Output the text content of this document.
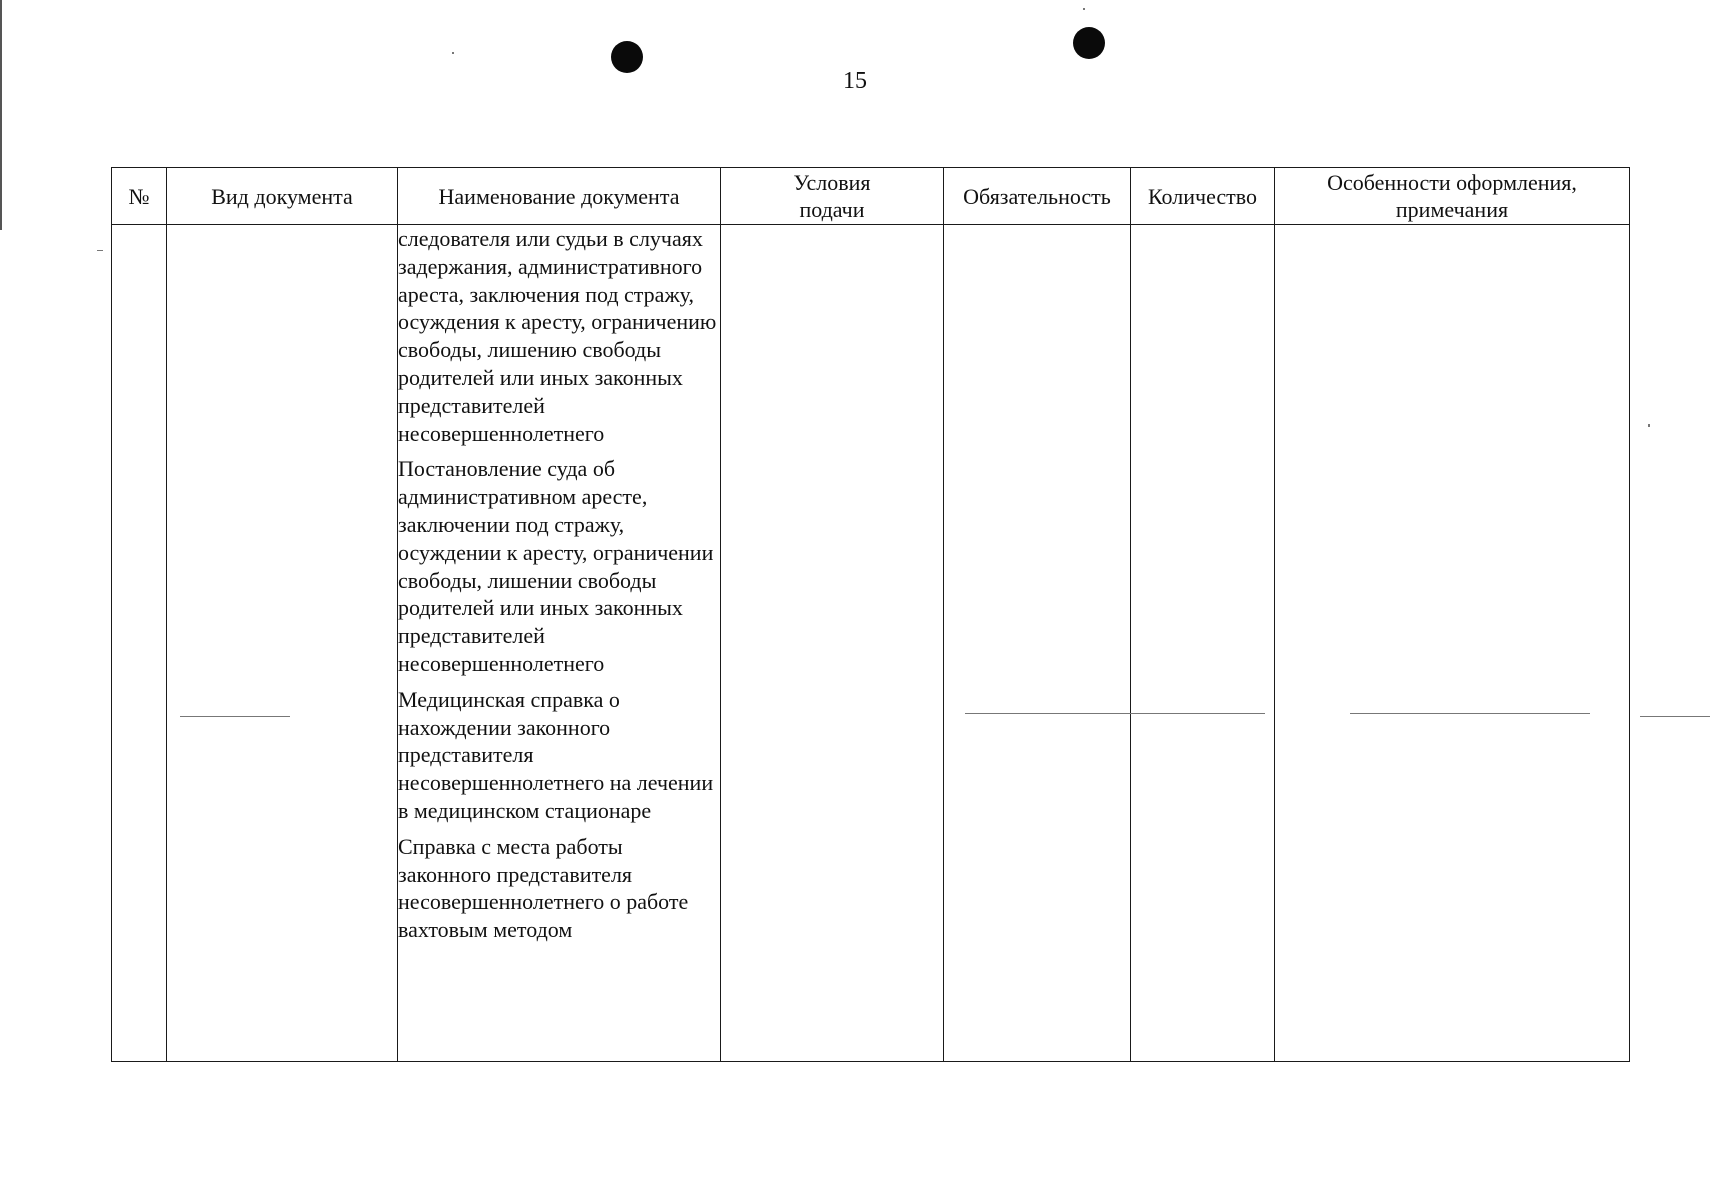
15
№	Вид документа	Наименование документа	Условия подачи	Обязательность	Количество	Особенности оформления, примечания

		следователя или судьи в случаях задержания, административного ареста, заключения под стражу, осуждения к аресту, ограничению свободы, лишению свободы родителей или иных законных представителей несовершеннолетнего
Постановление суда об административном аресте, заключении под стражу, осуждении к аресту, ограничении свободы, лишении свободы родителей или иных законных представителей несовершеннолетнего
Медицинская справка о нахождении законного представителя несовершеннолетнего на лечении в медицинском стационаре
Справка с места работы законного представителя несовершеннолетнего о работе вахтовым методом				
